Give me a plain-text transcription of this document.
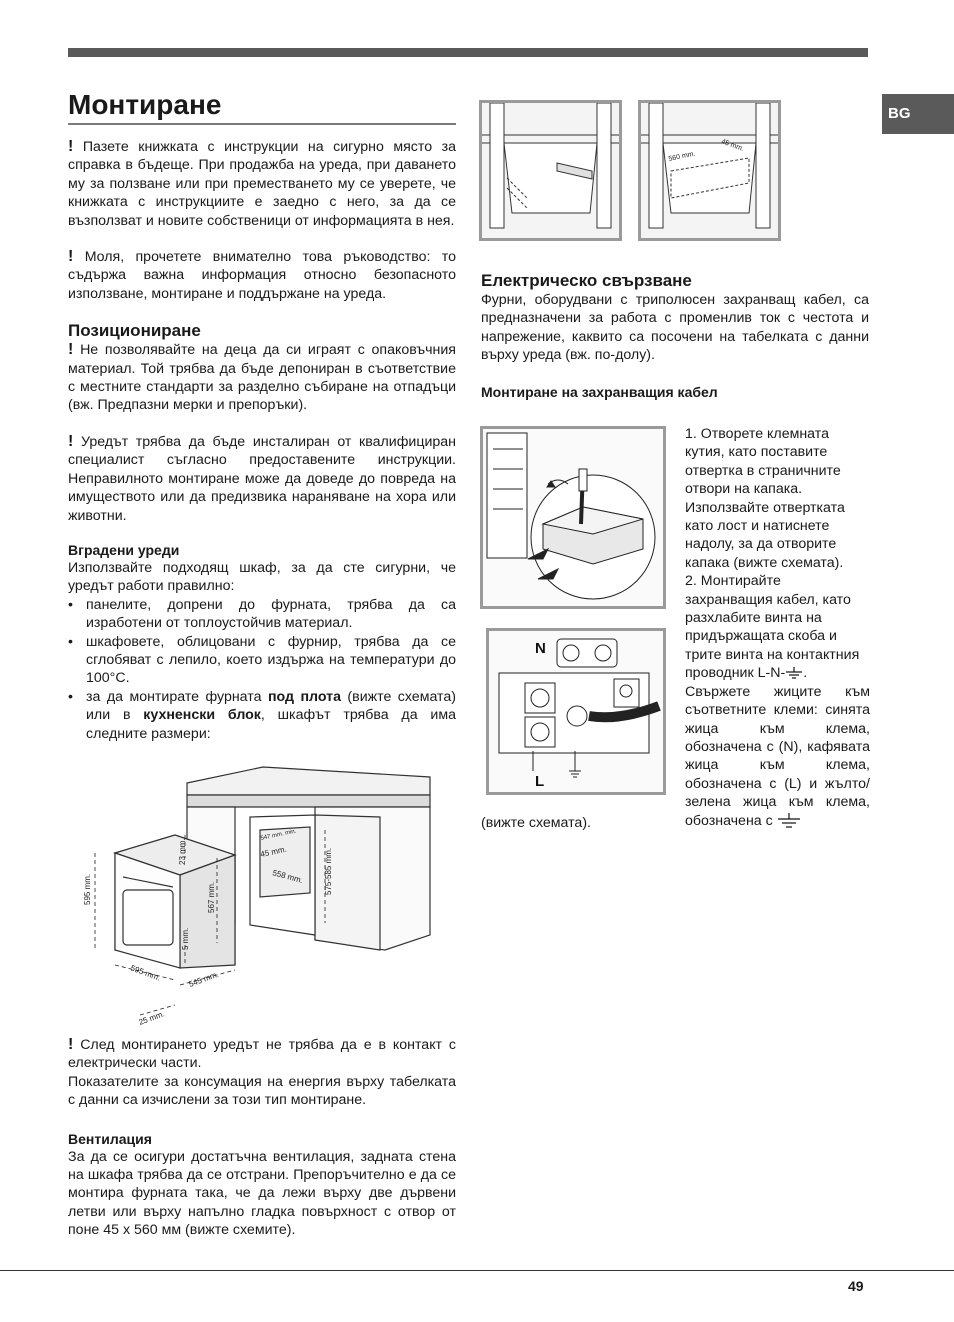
BG
Монтиране

! Пазете книжката с инструкции на сигурно място за справка в бъдеще. При продажба на уреда, при даването му за ползване или при преместването му се уверете, че книжката с инструкциите е заедно с него, за да се възползват и новите собственици от информацията в нея.

! Моля, прочетете внимателно това ръководство: то съдържа важна информация относно безопасното използване, монтиране и поддържане на уреда.

Позициониране

! Не позволявайте на деца да си играят с опаковъчния материал. Той трябва да бъде депониран в съответствие с местните стандарти за разделно събиране на отпадъци (вж. Предпазни мерки и препоръки).

! Уредът трябва да бъде инсталиран от квалифициран специалист съгласно предоставените инструкции. Неправилното монтиране може да доведе до повреда на имуществото или да предизвика нараняване на хора или животни.

Вградени уреди

Използвайте подходящ шкаф, за да сте сигурни, че уредът работи правилно:

• панелите, допрени до фурната, трябва да са изработени от топлоустойчив материал.
• шкафовете, облицовани с фурнир, трябва да се сглобяват с лепило, което издържа на температури до 100°С.
• за да монтирате фурната под плота (вижте схемата) или в кухненски блок, шкафът трябва да има следните размери:
595 mm.
23 mm.
567 mm.
5 mm.
595 mm.	545 mm.
25 mm.
547 mm. min.
45 mm.
558 mm.	575-585 mm.

! След монтирането уредът не трябва да е в контакт с електрически части.

Показателите за консумация на енергия върху табелката с данни са изчислени за този тип монтиране.

Вентилация

За да се осигури достатъчна вентилация, задната стена на шкафа трябва да се отстрани. Препоръчително е да се монтира фурната така, че да лежи върху две дървени летви или върху напълно гладка повърхност с отвор от поне 45 х 560 мм (вижте схемите).

560 mm.
45 mm.
Електрическо свързване

Фурни, оборудвани с триполюсен захранващ кабел, са предназначени за работа с променлив ток с честота и напрежение, каквито са посочени на табелката с данни върху уреда (вж. по-долу).

Монтиране на захранващия кабел
N
L

1. Отворете клемната кутия, като поставите отвертка в страничните отвори на капака. Използвайте отвертката като лост и натиснете надолу, за да отворите капака (вижте схемата).

2. Монтирайте захранващия кабел, като разхлабите винта на придържащата скоба и трите винта на контактния проводник L-N- .

Свържете жиците към съответните клеми: синята жица към клема, обозначена с (N), кафявата жица към клема, обозначена с (L) и жълто/зелена жица към клема, обозначена с

(вижте схемата).

49
